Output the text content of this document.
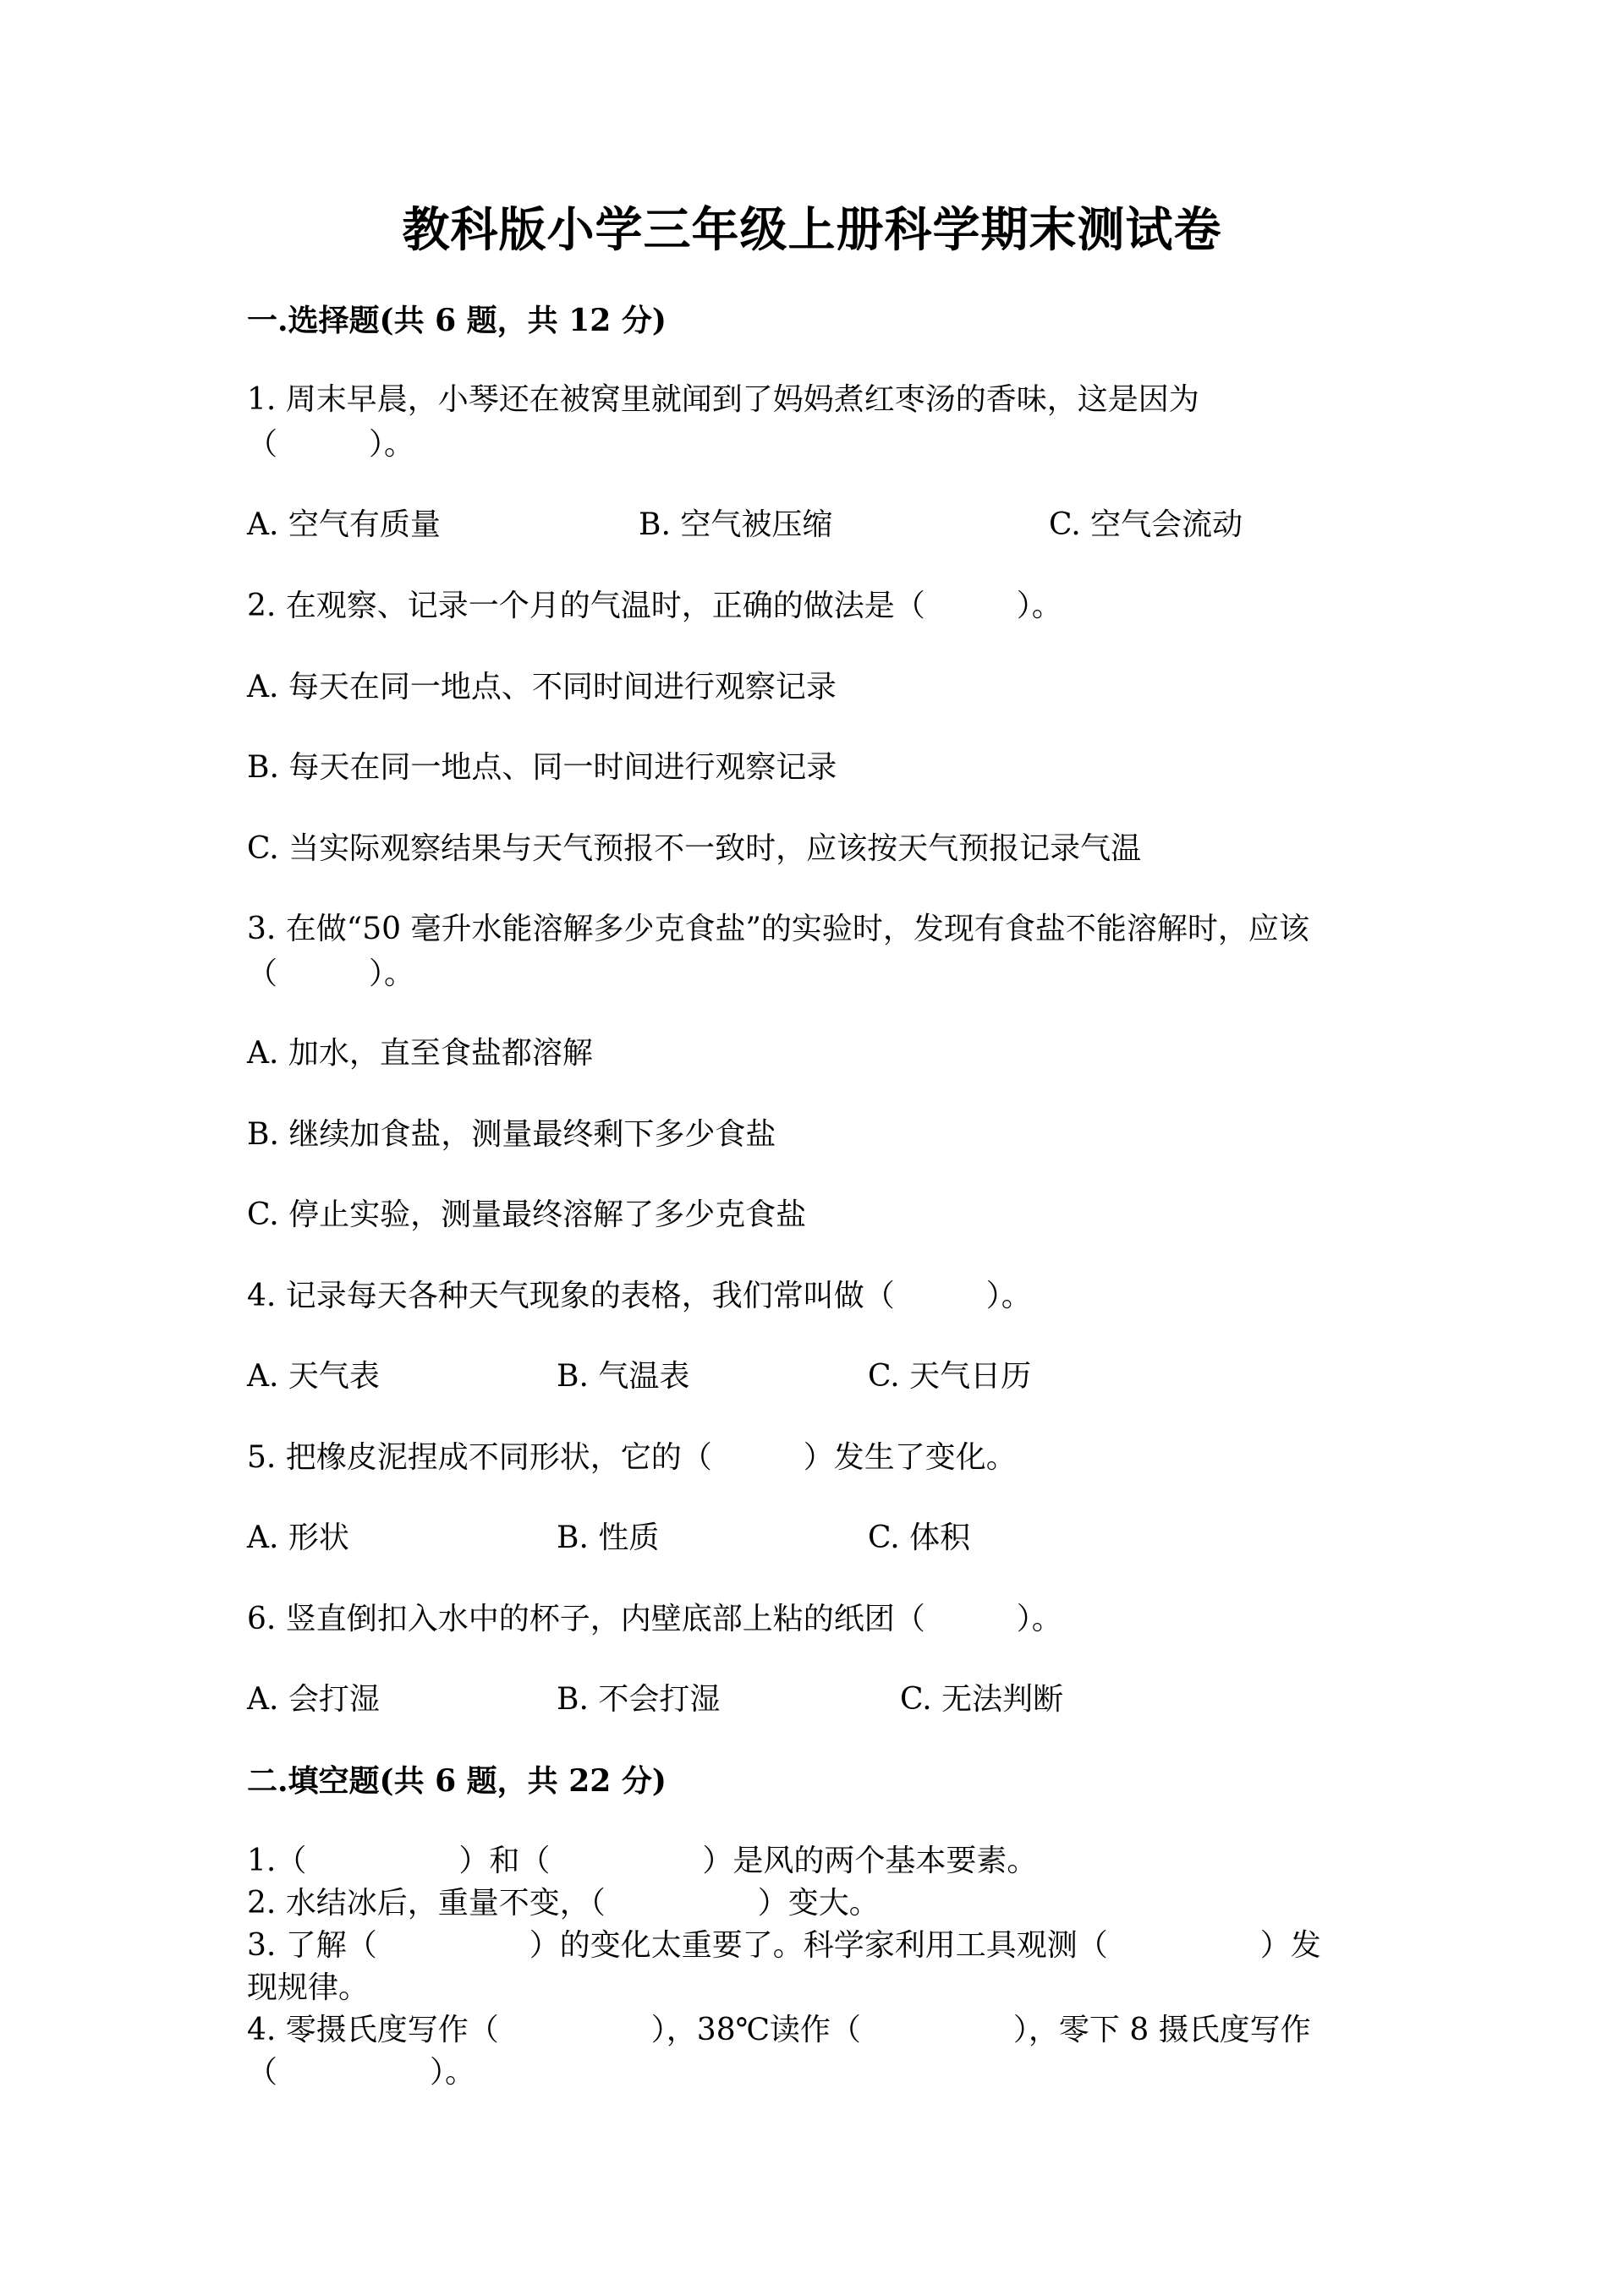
教科版小学三年级上册科学期末测试卷
一.选择题(共 6 题，共 12 分)
1. 周末早晨，小琴还在被窝里就闻到了妈妈煮红枣汤的香味，这是因为
（　　　）。
A. 空气有质量	B. 空气被压缩	C. 空气会流动
2. 在观察、记录一个月的气温时，正确的做法是（　　　）。
A. 每天在同一地点、不同时间进行观察记录
B. 每天在同一地点、同一时间进行观察记录
C. 当实际观察结果与天气预报不一致时，应该按天气预报记录气温
3. 在做“50 毫升水能溶解多少克食盐”的实验时，发现有食盐不能溶解时，应该
（　　　）。
A. 加水，直至食盐都溶解
B. 继续加食盐，测量最终剩下多少食盐
C. 停止实验，测量最终溶解了多少克食盐
4. 记录每天各种天气现象的表格，我们常叫做（　　　）。
A. 天气表	B. 气温表	C. 天气日历
5. 把橡皮泥捏成不同形状，它的（　　　）发生了变化。
A. 形状	B. 性质	C. 体积
6. 竖直倒扣入水中的杯子，内壁底部上粘的纸团（　　　）。
A. 会打湿	B. 不会打湿	C. 无法判断
二.填空题(共 6 题，共 22 分)
1.（　　　　　）和（　　　　　）是风的两个基本要素。
2. 水结冰后，重量不变，（　　　　　）变大。
3. 了解（　　　　　）的变化太重要了。科学家利用工具观测（　　　　　）发
现规律。
4. 零摄氏度写作（　　　　　），38℃读作（　　　　　），零下 8 摄氏度写作
（　　　　　）。
